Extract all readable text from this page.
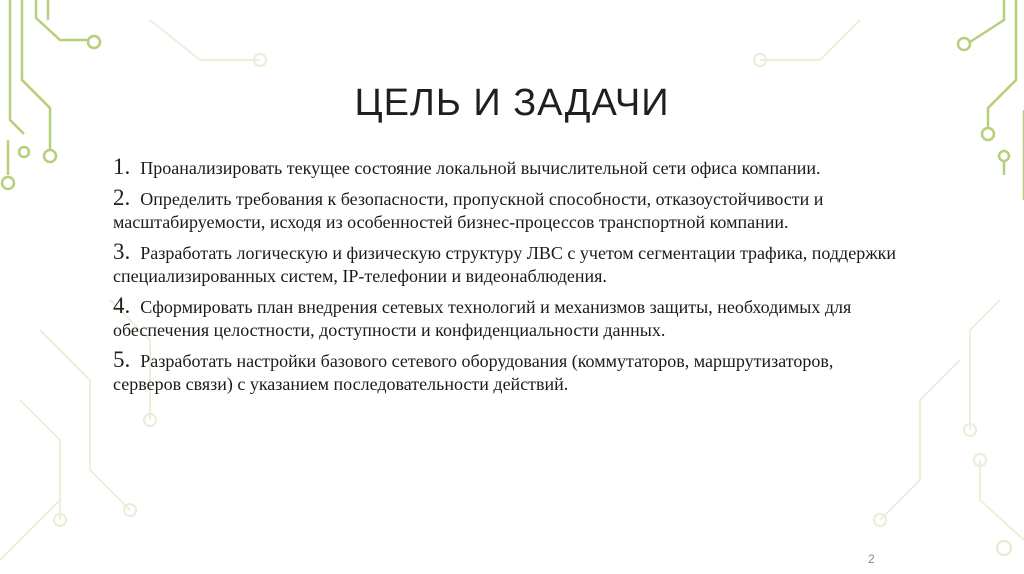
ЦЕЛЬ И ЗАДАЧИ
1. Проанализировать текущее состояние локальной вычислительной сети офиса компании.
2. Определить требования к безопасности, пропускной способности, отказоустойчивости и масштабируемости, исходя из особенностей бизнес-процессов транспортной компании.
3. Разработать логическую и физическую структуру ЛВС с учетом сегментации трафика, поддержки специализированных систем, IP-телефонии и видеонаблюдения.
4. Сформировать план внедрения сетевых технологий и механизмов защиты, необходимых для обеспечения целостности, доступности и конфиденциальности данных.
5. Разработать настройки базового сетевого оборудования (коммутаторов, маршрутизаторов, серверов связи) с указанием последовательности действий.
2
